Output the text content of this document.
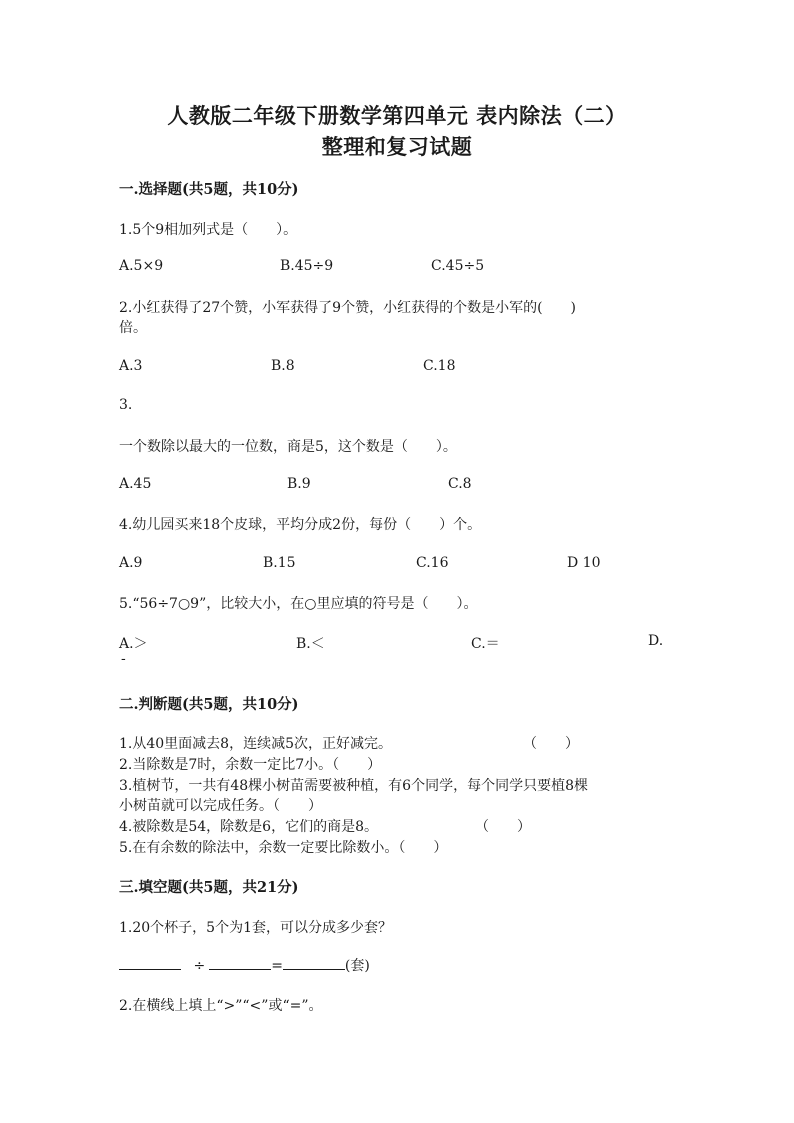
人教版二年级下册数学第四单元 表内除法（二）
整理和复习试题
一.选择题(共5题，共10分)
1.5个9相加列式是（　　）。
A.5×9	B.45÷9	C.45÷5
2.小红获得了27个赞，小军获得了9个赞，小红获得的个数是小军的(　　)
倍。
A.3	B.8	C.18
3.
一个数除以最大的一位数，商是5，这个数是（　　）。
A.45	B.9	C.8
4.幼儿园买来18个皮球，平均分成2份，每份（　　）个。
A.9	B.15	C.16	D 10
5.“56÷7○9”，比较大小，在○里应填的符号是（　　）。
A.＞	B.＜	C.＝	D.
-
二.判断题(共5题，共10分)
1.从40里面减去8，连续减5次，正好减完。	（　　）
2.当除数是7时，余数一定比7小。（　　）
3.植树节，一共有48棵小树苗需要被种植，有6个同学，每个同学只要植8棵
小树苗就可以完成任务。（　　）
4.被除数是54，除数是6，它们的商是8。	（　　）
5.在有余数的除法中，余数一定要比除数小。（　　）
三.填空题(共5题，共21分)
1.20个杯子，5个为1套，可以分成多少套？
÷	=	(套)
2.在横线上填上“>”“<”或“=”。
